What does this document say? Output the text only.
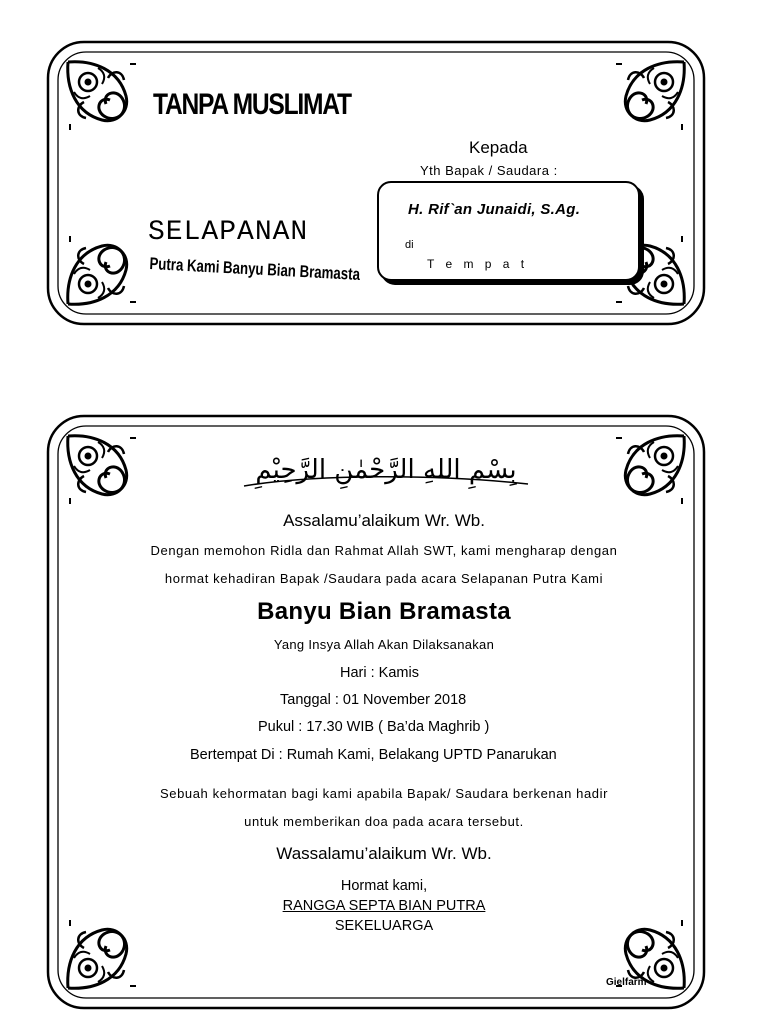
TANPA MUSLIMAT
Kepada
Yth Bapak / Saudara :
H. Rif`an Junaidi, S.Ag.
di
T e m p a t
SELAPANAN
Putra Kami Banyu Bian Bramasta
بِسْمِ اللهِ الرَّحْمٰنِ الرَّحِيْمِ
Assalamu’alaikum Wr. Wb.
Dengan memohon Ridla dan Rahmat Allah SWT, kami mengharap dengan
hormat kehadiran Bapak /Saudara pada acara Selapanan Putra Kami
Banyu Bian Bramasta
Yang Insya Allah Akan Dilaksanakan
Hari : Kamis
Tanggal : 01 November 2018
Pukul : 17.30 WIB ( Ba’da Maghrib )
Bertempat Di : Rumah Kami, Belakang UPTD Panarukan
Sebuah kehormatan bagi kami apabila Bapak/ Saudara berkenan hadir
untuk memberikan doa pada acara tersebut.
Wassalamu’alaikum Wr. Wb.
Hormat kami,
RANGGA SEPTA BIAN PUTRA
SEKELUARGA
Gielfarm
